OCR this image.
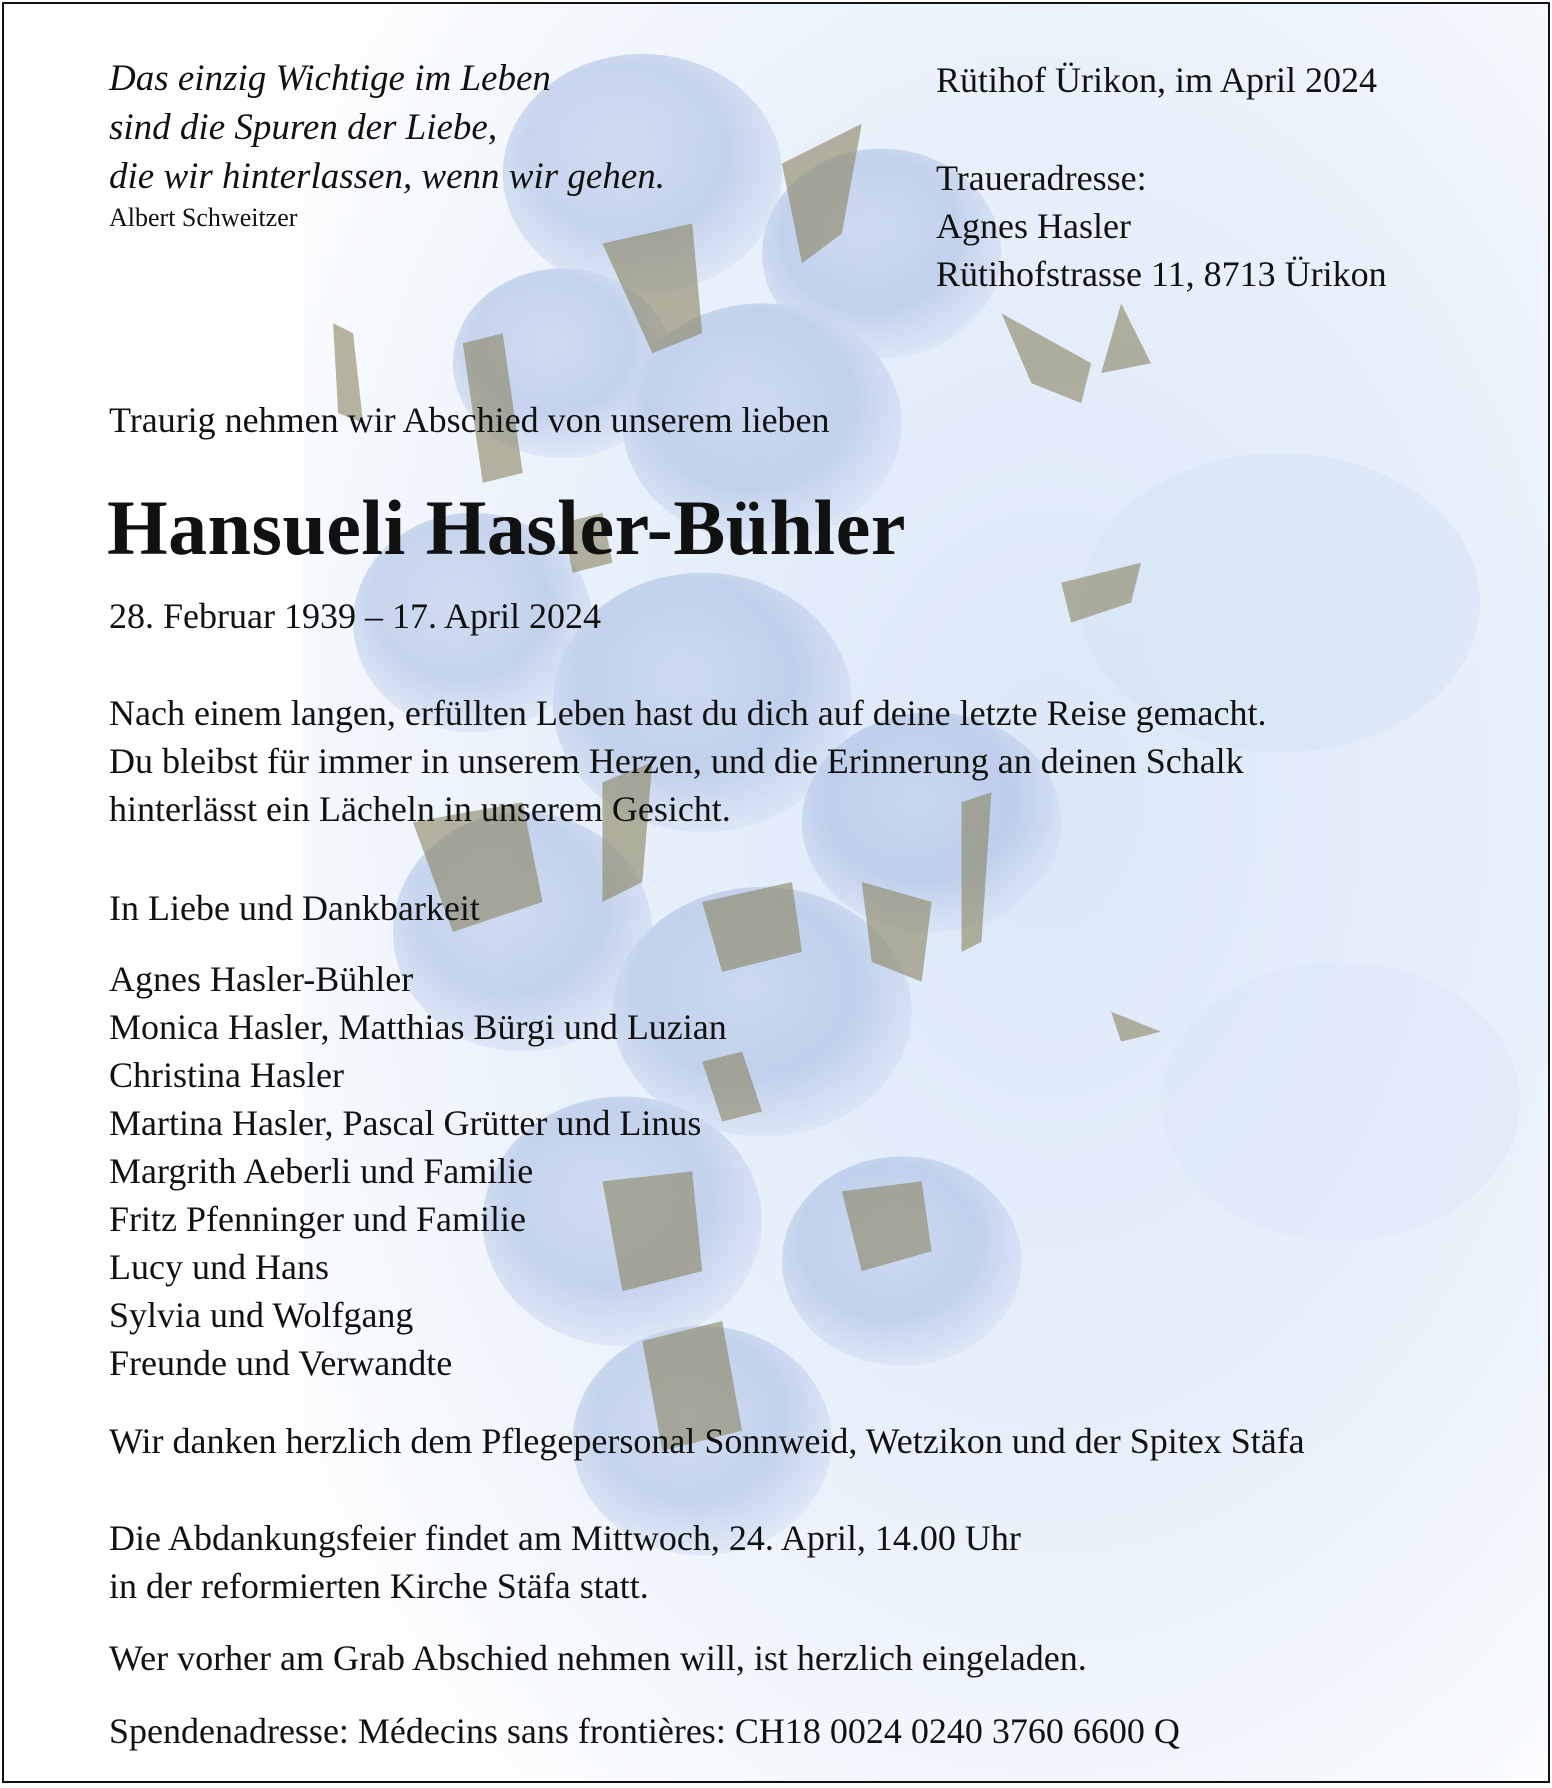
Das einzig Wichtige im Leben
sind die Spuren der Liebe,
die wir hinterlassen, wenn wir gehen.
Albert Schweitzer
Rütihof Ürikon, im April 2024
Traueradresse:
Agnes Hasler
Rütihofstrasse 11, 8713 Ürikon
Traurig nehmen wir Abschied von unserem lieben
Hansueli Hasler-Bühler
28. Februar 1939 – 17. April 2024
Nach einem langen, erfüllten Leben hast du dich auf deine letzte Reise gemacht.
Du bleibst für immer in unserem Herzen, und die Erinnerung an deinen Schalk
hinterlässt ein Lächeln in unserem Gesicht.
In Liebe und Dankbarkeit
Agnes Hasler-Bühler
Monica Hasler, Matthias Bürgi und Luzian
Christina Hasler
Martina Hasler, Pascal Grütter und Linus
Margrith Aeberli und Familie
Fritz Pfenninger und Familie
Lucy und Hans
Sylvia und Wolfgang
Freunde und Verwandte
Wir danken herzlich dem Pflegepersonal Sonnweid, Wetzikon und der Spitex Stäfa
Die Abdankungsfeier findet am Mittwoch, 24. April, 14.00 Uhr
in der reformierten Kirche Stäfa statt.
Wer vorher am Grab Abschied nehmen will, ist herzlich eingeladen.
Spendenadresse: Médecins sans frontières: CH18 0024 0240 3760 6600 Q
